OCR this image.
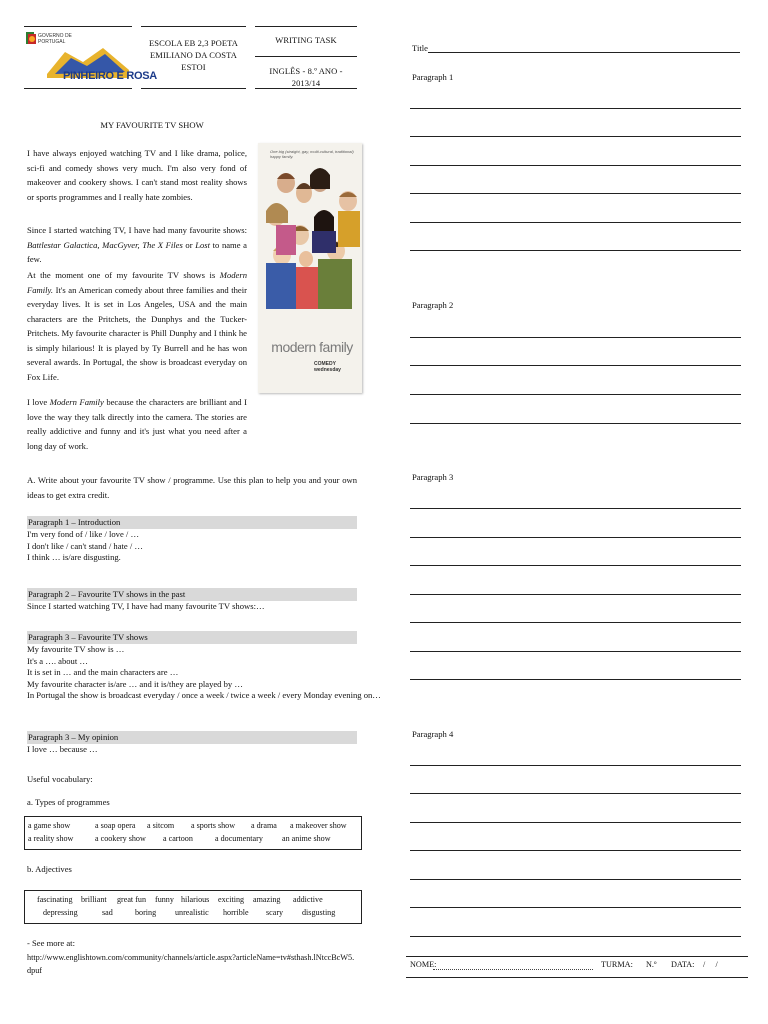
GOVERNO DE PORTUGAL
PINHEIRO E ROSA
ESCOLA EB 2,3 POETA
EMILIANO DA COSTA
ESTOI
WRITING TASK
INGLÊS - 8.º ANO - 2013/14
MY FAVOURITE TV SHOW

I have always enjoyed watching TV and I like drama, police, sci-fi and comedy shows very much. I'm also very fond of makeover and cookery shows. I can't stand most reality shows or sports programmes and I really hate zombies.

Since I started watching TV, I have had many favourite shows: Battlestar Galactica, MacGyver, The X Files or Lost to name a few.

At the moment one of my favourite TV shows is Modern Family. It's an American comedy about three families and their everyday lives. It is set in Los Angeles, USA and the main characters are the Pritchets, the Dunphys and the Tucker-Pritchets. My favourite character is Phill Dunphy and I think he is simply hilarious! It is played by Ty Burrell and he has won several awards. In Portugal, the show is broadcast everyday on Fox Life.

I love Modern Family because the characters are brilliant and I love the way they talk directly into the camera. The stories are really addictive and funny and it's just what you need after a long day of work.

One big (straight, gay, multi-cultural, traditional) happy family.
modern family
COMEDY wednesday
A. Write about your favourite TV show / programme. Use this plan to help you and your own ideas to get extra credit.
Paragraph 1 – Introduction
I'm very fond of / like / love / …
I don't like / can't stand / hate / …
I think … is/are disgusting.
Paragraph 2 – Favourite TV shows in the past
Since I started watching TV, I have had many favourite TV shows:…
Paragraph 3 – Favourite TV shows
My favourite TV show is …
It's a …. about …
It is set in … and the main characters are …
My favourite character is/are … and it is/they are played by …
In Portugal the show is broadcast everyday / once a week / twice a week / every Monday evening on…
Paragraph 3 – My opinion
I love … because …
Useful vocabulary:
a. Types of programmes
a game show	a soap opera a sitcom a sports show a drama a makeover show
a reality show	a cookery show a cartoon	a documentary an anime show
b. Adjectives
fascinating brilliant great fun funny hilarious exciting amazing addictive
depressing	sad	boring unrealistic horrible scary disgusting
- See more at:
http://www.englishtown.com/community/channels/article.aspx?articleName=tv#sthash.lNtccBcW5.dpuf
Title
Paragraph 1
Paragraph 2
Paragraph 3
Paragraph 4
NOME:	TURMA: N.º DATA: /     /
